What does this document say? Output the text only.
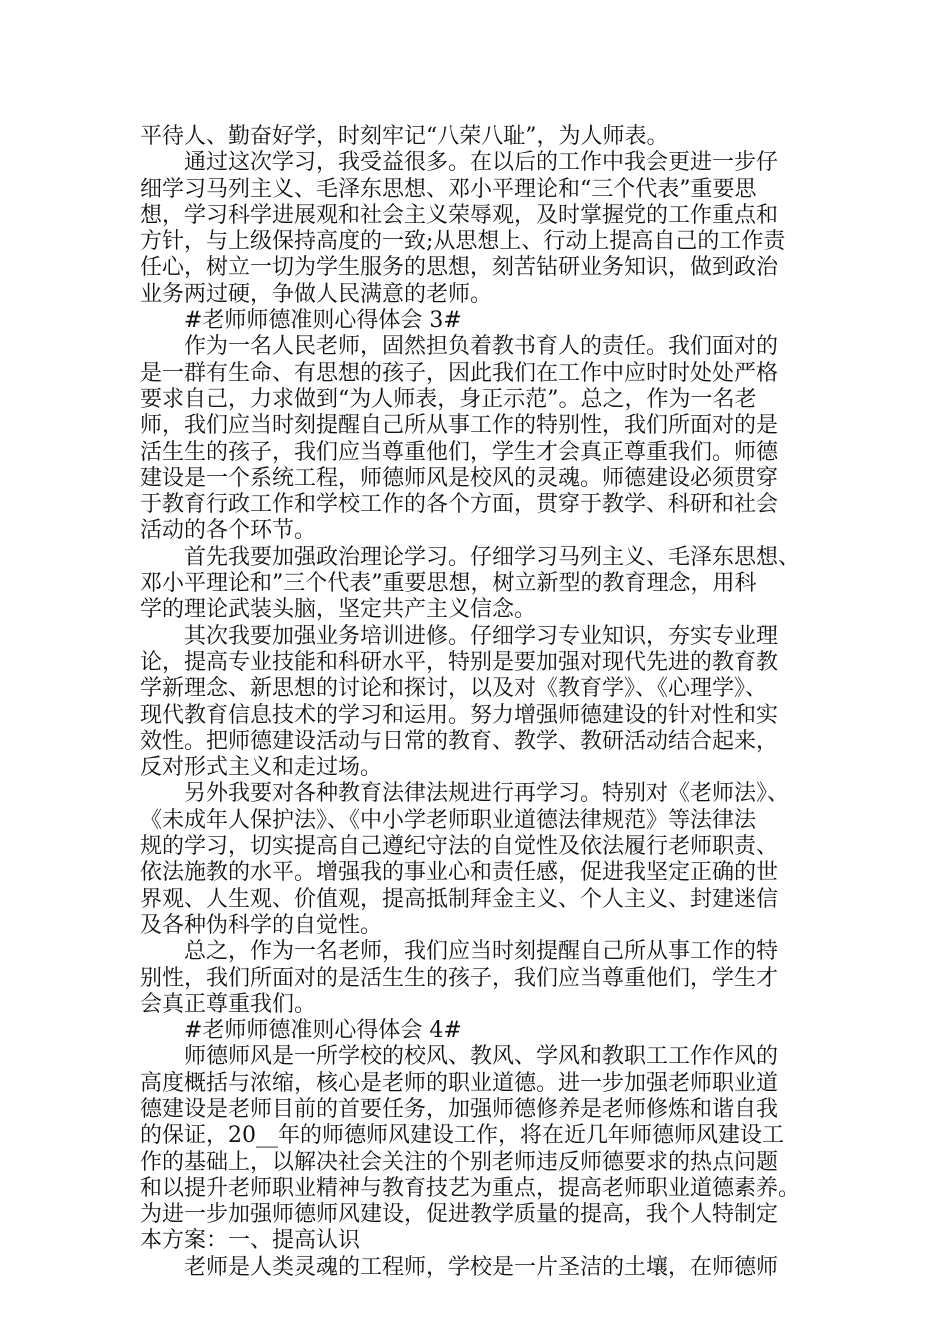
平待人、勤奋好学，时刻牢记“八荣八耻”，为人师表。
通过这次学习，我受益很多。在以后的工作中我会更进一步仔
细学习马列主义、毛泽东思想、邓小平理论和“三个代表”重要思
想，学习科学进展观和社会主义荣辱观，及时掌握党的工作重点和
方针，与上级保持高度的一致;从思想上、行动上提高自己的工作责
任心，树立一切为学生服务的思想，刻苦钻研业务知识，做到政治
业务两过硬，争做人民满意的老师。
#老师师德准则心得体会 3#
作为一名人民老师，固然担负着教书育人的责任。我们面对的
是一群有生命、有思想的孩子，因此我们在工作中应时时处处严格
要求自己，力求做到“为人师表，身正示范”。总之，作为一名老
师，我们应当时刻提醒自己所从事工作的特别性，我们所面对的是
活生生的孩子，我们应当尊重他们，学生才会真正尊重我们。师德
建设是一个系统工程，师德师风是校风的灵魂。师德建设必须贯穿
于教育行政工作和学校工作的各个方面，贯穿于教学、科研和社会
活动的各个环节。
首先我要加强政治理论学习。仔细学习马列主义、毛泽东思想、
邓小平理论和”三个代表”重要思想，树立新型的教育理念，用科
学的理论武装头脑，坚定共产主义信念。
其次我要加强业务培训进修。仔细学习专业知识，夯实专业理
论，提高专业技能和科研水平，特别是要加强对现代先进的教育教
学新理念、新思想的讨论和探讨，以及对《教育学》、《心理学》、
现代教育信息技术的学习和运用。努力增强师德建设的针对性和实
效性。把师德建设活动与日常的教育、教学、教研活动结合起来，
反对形式主义和走过场。
另外我要对各种教育法律法规进行再学习。特别对《老师法》、
《未成年人保护法》、《中小学老师职业道德法律规范》等法律法
规的学习，切实提高自己遵纪守法的自觉性及依法履行老师职责、
依法施教的水平。增强我的事业心和责任感，促进我坚定正确的世
界观、人生观、价值观，提高抵制拜金主义、个人主义、封建迷信
及各种伪科学的自觉性。
总之，作为一名老师，我们应当时刻提醒自己所从事工作的特
别性，我们所面对的是活生生的孩子，我们应当尊重他们，学生才
会真正尊重我们。
#老师师德准则心得体会 4#
师德师风是一所学校的校风、教风、学风和教职工工作作风的
高度概括与浓缩，核心是老师的职业道德。进一步加强老师职业道
德建设是老师目前的首要任务，加强师德修养是老师修炼和谐自我
的保证，20__年的师德师风建设工作，将在近几年师德师风建设工
作的基础上，以解决社会关注的个别老师违反师德要求的热点问题
和以提升老师职业精神与教育技艺为重点，提高老师职业道德素养。
为进一步加强师德师风建设，促进教学质量的提高，我个人特制定
本方案：一、提高认识
老师是人类灵魂的工程师，学校是一片圣洁的土壤，在师德师
